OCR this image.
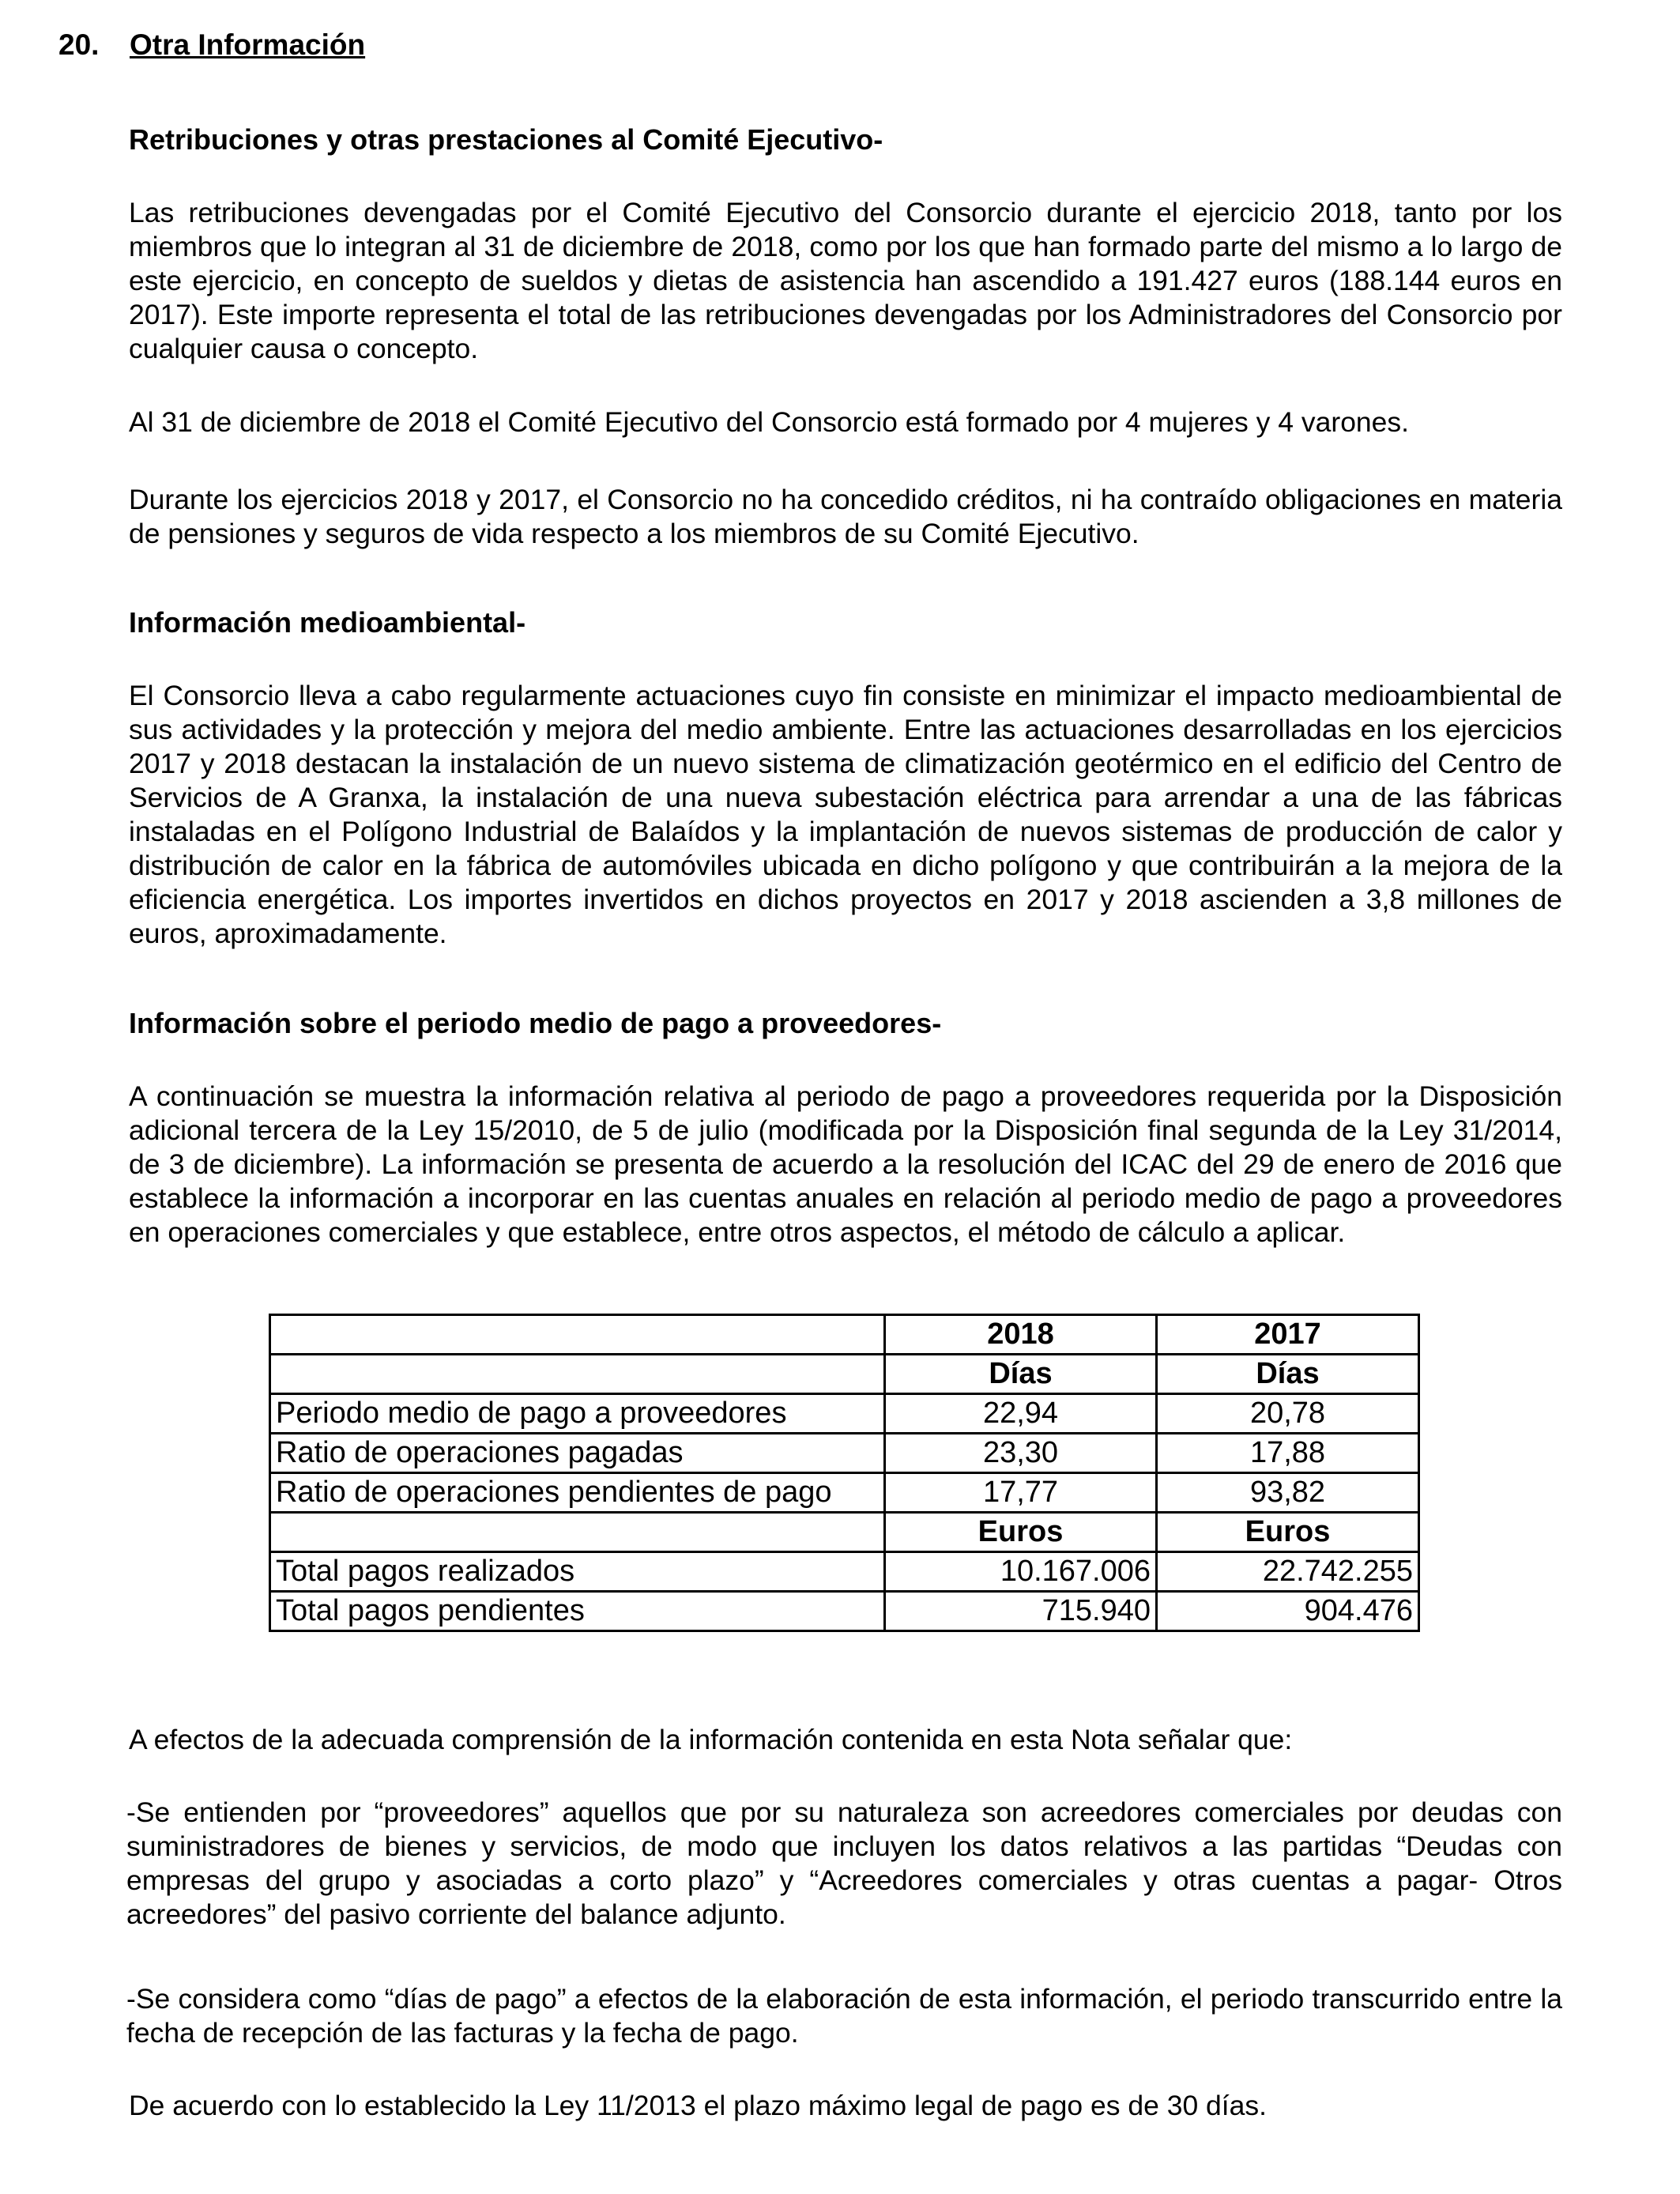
20. Otra Información
Retribuciones y otras prestaciones al Comité Ejecutivo-

Las retribuciones devengadas por el Comité Ejecutivo del Consorcio durante el ejercicio 2018, tanto por los miembros que lo integran al 31 de diciembre de 2018, como por los que han formado parte del mismo a lo largo de este ejercicio, en concepto de sueldos y dietas de asistencia han ascendido a 191.427 euros (188.144 euros en 2017). Este importe representa el total de las retribuciones devengadas por los Administradores del Consorcio por cualquier causa o concepto.

Al 31 de diciembre de 2018 el Comité Ejecutivo del Consorcio está formado por 4 mujeres y 4 varones.

Durante los ejercicios 2018 y 2017, el Consorcio no ha concedido créditos, ni ha contraído obligaciones en materia de pensiones y seguros de vida respecto a los miembros de su Comité Ejecutivo.

Información medioambiental-

El Consorcio lleva a cabo regularmente actuaciones cuyo fin consiste en minimizar el impacto medioambiental de sus actividades y la protección y mejora del medio ambiente. Entre las actuaciones desarrolladas en los ejercicios 2017 y 2018 destacan la instalación de un nuevo sistema de climatización geotérmico en el edificio del Centro de Servicios de A Granxa, la instalación de una nueva subestación eléctrica para arrendar a una de las fábricas instaladas en el Polígono Industrial de Balaídos y la implantación de nuevos sistemas de producción de calor y distribución de calor en la fábrica de automóviles ubicada en dicho polígono y que contribuirán a la mejora de la eficiencia energética. Los importes invertidos en dichos proyectos en 2017 y 2018 ascienden a 3,8 millones de euros, aproximadamente.

Información sobre el periodo medio de pago a proveedores-

A continuación se muestra la información relativa al periodo de pago a proveedores requerida por la Disposición adicional tercera de la Ley 15/2010, de 5 de julio (modificada por la Disposición final segunda de la Ley 31/2014, de 3 de diciembre). La información se presenta de acuerdo a la resolución del ICAC del 29 de enero de 2016 que establece la información a incorporar en las cuentas anuales en relación al periodo medio de pago a proveedores en operaciones comerciales y que establece, entre otros aspectos, el método de cálculo a aplicar.

A efectos de la adecuada comprensión de la información contenida en esta Nota señalar que:

-Se entienden por “proveedores” aquellos que por su naturaleza son acreedores comerciales por deudas con suministradores de bienes y servicios, de modo que incluyen los datos relativos a las partidas “Deudas con empresas del grupo y asociadas a corto plazo” y “Acreedores comerciales y otras cuentas a pagar- Otros acreedores” del pasivo corriente del balance adjunto.

-Se considera como “días de pago” a efectos de la elaboración de esta información, el periodo transcurrido entre la fecha de recepción de las facturas y la fecha de pago.

De acuerdo con lo establecido la Ley 11/2013 el plazo máximo legal de pago es de 30 días.

	2018	2017
	Días	Días
Periodo medio de pago a proveedores	22,94	20,78
Ratio de operaciones pagadas	23,30	17,88
Ratio de operaciones pendientes de pago	17,77	93,82
	Euros	Euros
Total pagos realizados	10.167.006	22.742.255
Total pagos pendientes	715.940	904.476
